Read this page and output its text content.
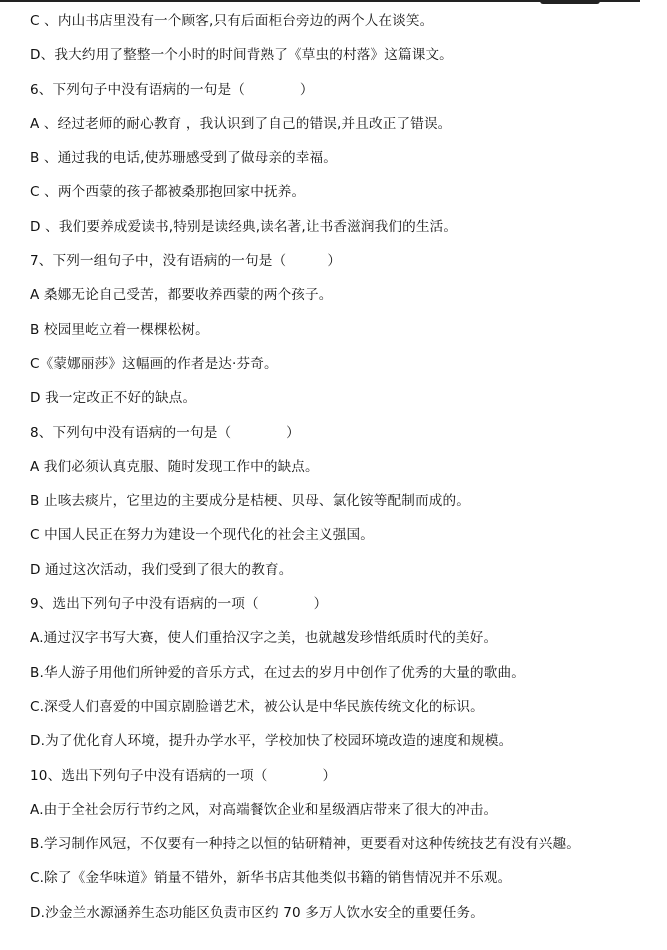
C 、内山书店里没有一个顾客,只有后面柜台旁边的两个人在谈笑。
D、我大约用了整整一个小时的时间背熟了《草虫的村落》这篇课文。
6、下列句子中没有语病的一句是（　　　　）
A 、经过老师的耐心教育 ，我认识到了自己的错误,并且改正了错误。
B 、通过我的电话,使苏珊感受到了做母亲的幸福。
C 、两个西蒙的孩子都被桑那抱回家中抚养。
D 、我们要养成爱读书,特别是读经典,读名著,让书香滋润我们的生活。
7、下列一组句子中，没有语病的一句是（　　　）
A 桑娜无论自己受苦，都要收养西蒙的两个孩子。
B 校园里屹立着一棵棵松树。
C《蒙娜丽莎》这幅画的作者是达·芬奇。
D 我一定改正不好的缺点。
8、下列句中没有语病的一句是（　　　　）
A 我们必须认真克服、随时发现工作中的缺点。
B 止咳去痰片，它里边的主要成分是桔梗、贝母、氯化铵等配制而成的。
C 中国人民正在努力为建设一个现代化的社会主义强国。
D 通过这次活动，我们受到了很大的教育。
9、选出下列句子中没有语病的一项（　　　　）
A.通过汉字书写大赛，使人们重拾汉字之美，也就越发珍惜纸质时代的美好。
B.华人游子用他们所钟爱的音乐方式，在过去的岁月中创作了优秀的大量的歌曲。
C.深受人们喜爱的中国京剧脸谱艺术，被公认是中华民族传统文化的标识。
D.为了优化育人环境，提升办学水平，学校加快了校园环境改造的速度和规模。
10、选出下列句子中没有语病的一项（　　　　）
A.由于全社会厉行节约之风，对高端餐饮企业和星级酒店带来了很大的冲击。
B.学习制作风冠，不仅要有一种持之以恒的钻研精神，更要看对这种传统技艺有没有兴趣。
C.除了《金华味道》销量不错外，新华书店其他类似书籍的销售情况并不乐观。
D.沙金兰水源涵养生态功能区负责市区约 70 多万人饮水安全的重要任务。
